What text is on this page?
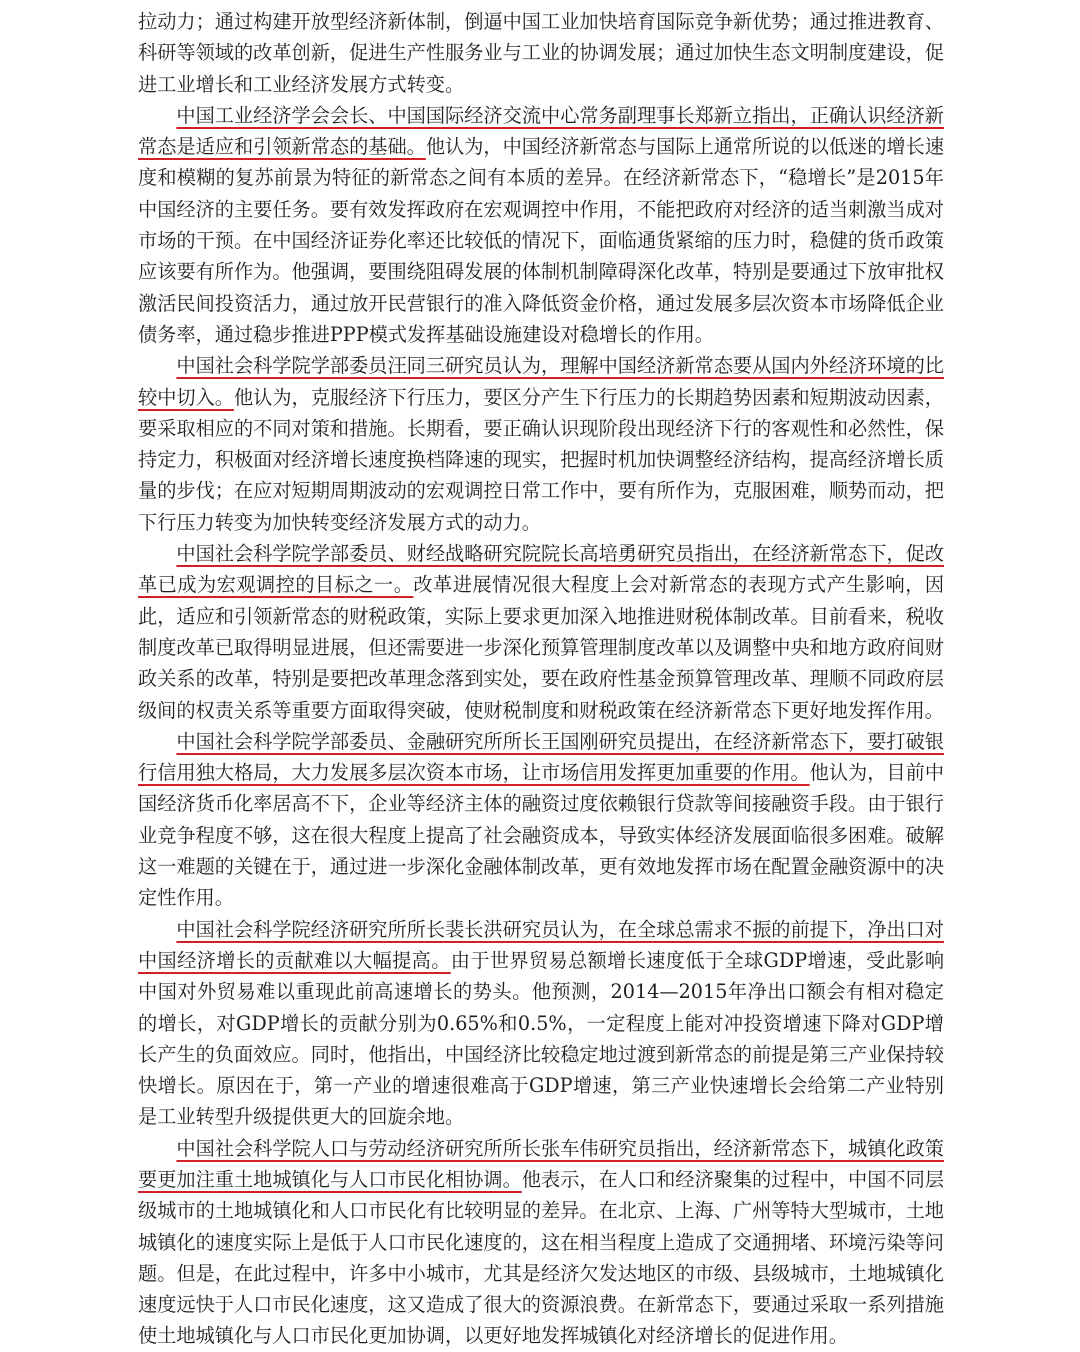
拉动力；通过构建开放型经济新体制，倒逼中国工业加快培育国际竞争新优势；通过推进教育、科研等领域的改革创新，促进生产性服务业与工业的协调发展；通过加快生态文明制度建设，促进工业增长和工业经济发展方式转变。

中国工业经济学会会长、中国国际经济交流中心常务副理事长郑新立指出，正确认识经济新常态是适应和引领新常态的基础。他认为，中国经济新常态与国际上通常所说的以低迷的增长速度和模糊的复苏前景为特征的新常态之间有本质的差异。在经济新常态下，“稳增长”是2015年中国经济的主要任务。要有效发挥政府在宏观调控中作用，不能把政府对经济的适当刺激当成对市场的干预。在中国经济证券化率还比较低的情况下，面临通货紧缩的压力时，稳健的货币政策应该要有所作为。他强调，要围绕阻碍发展的体制机制障碍深化改革，特别是要通过下放审批权激活民间投资活力，通过放开民营银行的准入降低资金价格，通过发展多层次资本市场降低企业债务率，通过稳步推进PPP模式发挥基础设施建设对稳增长的作用。

中国社会科学院学部委员汪同三研究员认为，理解中国经济新常态要从国内外经济环境的比较中切入。他认为，克服经济下行压力，要区分产生下行压力的长期趋势因素和短期波动因素，要采取相应的不同对策和措施。长期看，要正确认识现阶段出现经济下行的客观性和必然性，保持定力，积极面对经济增长速度换档降速的现实，把握时机加快调整经济结构，提高经济增长质量的步伐；在应对短期周期波动的宏观调控日常工作中，要有所作为，克服困难，顺势而动，把下行压力转变为加快转变经济发展方式的动力。

中国社会科学院学部委员、财经战略研究院院长高培勇研究员指出，在经济新常态下，促改革已成为宏观调控的目标之一。改革进展情况很大程度上会对新常态的表现方式产生影响，因此，适应和引领新常态的财税政策，实际上要求更加深入地推进财税体制改革。目前看来，税收制度改革已取得明显进展，但还需要进一步深化预算管理制度改革以及调整中央和地方政府间财政关系的改革，特别是要把改革理念落到实处，要在政府性基金预算管理改革、理顺不同政府层级间的权责关系等重要方面取得突破，使财税制度和财税政策在经济新常态下更好地发挥作用。

中国社会科学院学部委员、金融研究所所长王国刚研究员提出，在经济新常态下，要打破银行信用独大格局，大力发展多层次资本市场，让市场信用发挥更加重要的作用。他认为，目前中国经济货币化率居高不下，企业等经济主体的融资过度依赖银行贷款等间接融资手段。由于银行业竞争程度不够，这在很大程度上提高了社会融资成本，导致实体经济发展面临很多困难。破解这一难题的关键在于，通过进一步深化金融体制改革，更有效地发挥市场在配置金融资源中的决定性作用。

中国社会科学院经济研究所所长裴长洪研究员认为，在全球总需求不振的前提下，净出口对中国经济增长的贡献难以大幅提高。由于世界贸易总额增长速度低于全球GDP增速，受此影响中国对外贸易难以重现此前高速增长的势头。他预测，2014—2015年净出口额会有相对稳定的增长，对GDP增长的贡献分别为0.65%和0.5%，一定程度上能对冲投资增速下降对GDP增长产生的负面效应。同时，他指出，中国经济比较稳定地过渡到新常态的前提是第三产业保持较快增长。原因在于，第一产业的增速很难高于GDP增速，第三产业快速增长会给第二产业特别是工业转型升级提供更大的回旋余地。

中国社会科学院人口与劳动经济研究所所长张车伟研究员指出，经济新常态下，城镇化政策要更加注重土地城镇化与人口市民化相协调。他表示，在人口和经济聚集的过程中，中国不同层级城市的土地城镇化和人口市民化有比较明显的差异。在北京、上海、广州等特大型城市，土地城镇化的速度实际上是低于人口市民化速度的，这在相当程度上造成了交通拥堵、环境污染等问题。但是，在此过程中，许多中小城市，尤其是经济欠发达地区的市级、县级城市，土地城镇化速度远快于人口市民化速度，这又造成了很大的资源浪费。在新常态下，要通过采取一系列措施使土地城镇化与人口市民化更加协调，以更好地发挥城镇化对经济增长的促进作用。
